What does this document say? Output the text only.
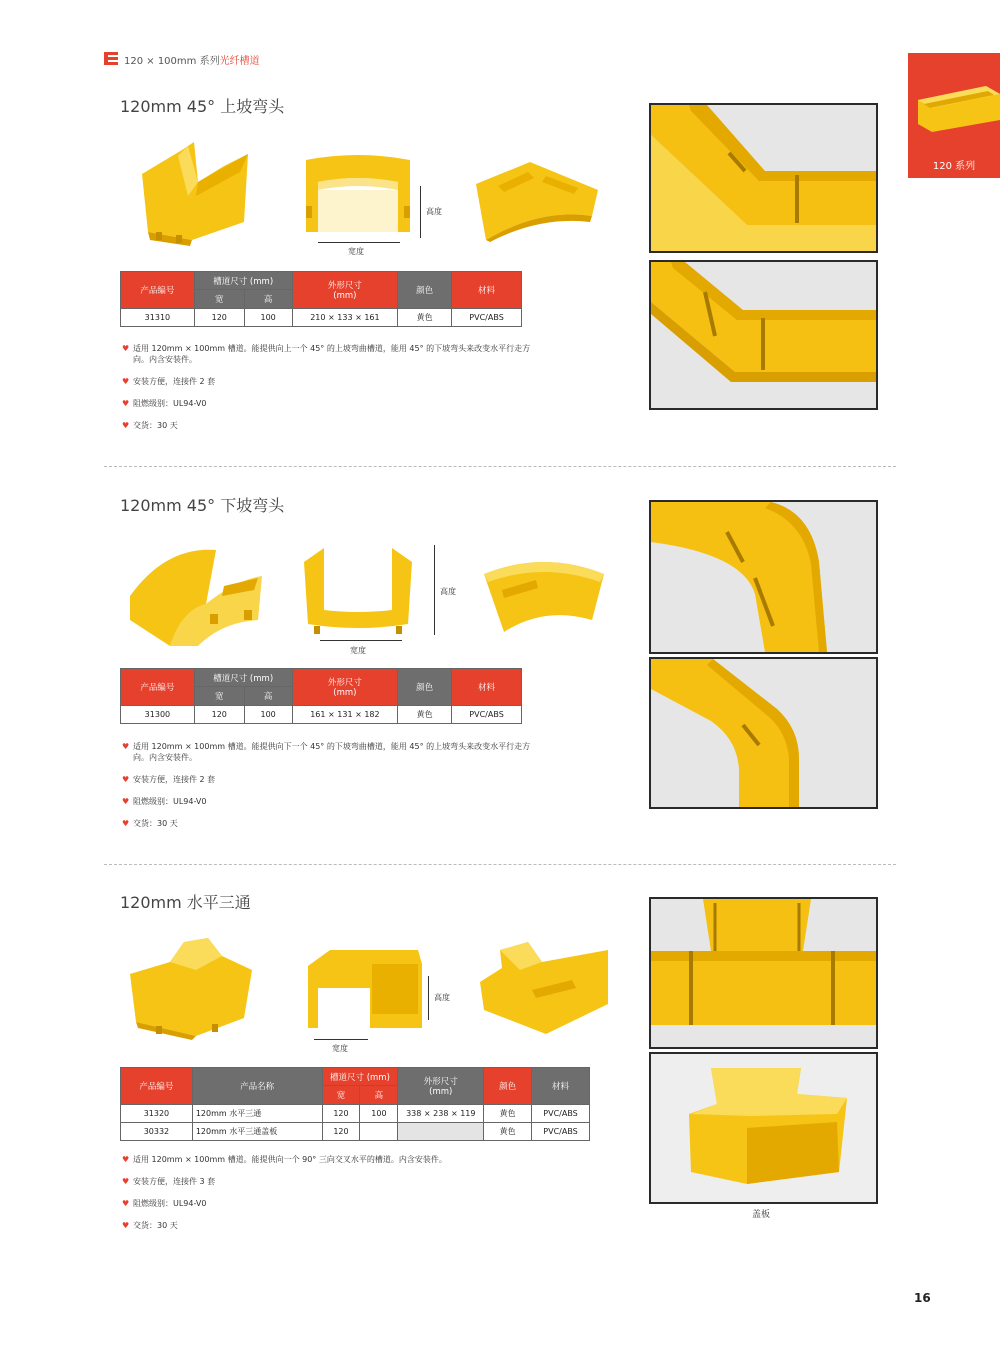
120 × 100mm 系列光纤槽道
120 系列
120mm 45° 上坡弯头
高度
宽度
产品编号	槽道尺寸 (mm)		外形尺寸
(mm)	颜色	材料
	宽	高			
31310	120	100	210 × 133 × 161	黄色	PVC/ABS
♥ 适用 120mm × 100mm 槽道。能提供向上一个 45° 的上坡弯曲槽道，能用 45° 的下坡弯头来改变水平行走方向。内含安装件。
♥ 安装方便，连接件 2 套
♥ 阻燃级别：UL94-V0
♥ 交货：30 天
120mm 45° 下坡弯头
高度
宽度
产品编号	槽道尺寸 (mm)		外形尺寸
(mm)	颜色	材料
	宽	高			
31300	120	100	161 × 131 × 182	黄色	PVC/ABS
♥ 适用 120mm × 100mm 槽道。能提供向下一个 45° 的下坡弯曲槽道，能用 45° 的上坡弯头来改变水平行走方向。内含安装件。
♥ 安装方便，连接件 2 套
♥ 阻燃级别：UL94-V0
♥ 交货：30 天
120mm 水平三通
高度
宽度
产品编号	产品名称	槽道尺寸 (mm)		外形尺寸
(mm)	颜色	材料
		宽	高			
31320	120mm 水平三通	120	100	338 × 238 × 119	黄色	PVC/ABS
30332	120mm 水平三通盖板	120			黄色	PVC/ABS
♥ 适用 120mm × 100mm 槽道。能提供向一个 90° 三向交叉水平的槽道。内含安装件。
♥ 安装方便，连接件 3 套
♥ 阻燃级别：UL94-V0
♥ 交货：30 天
盖板
16
